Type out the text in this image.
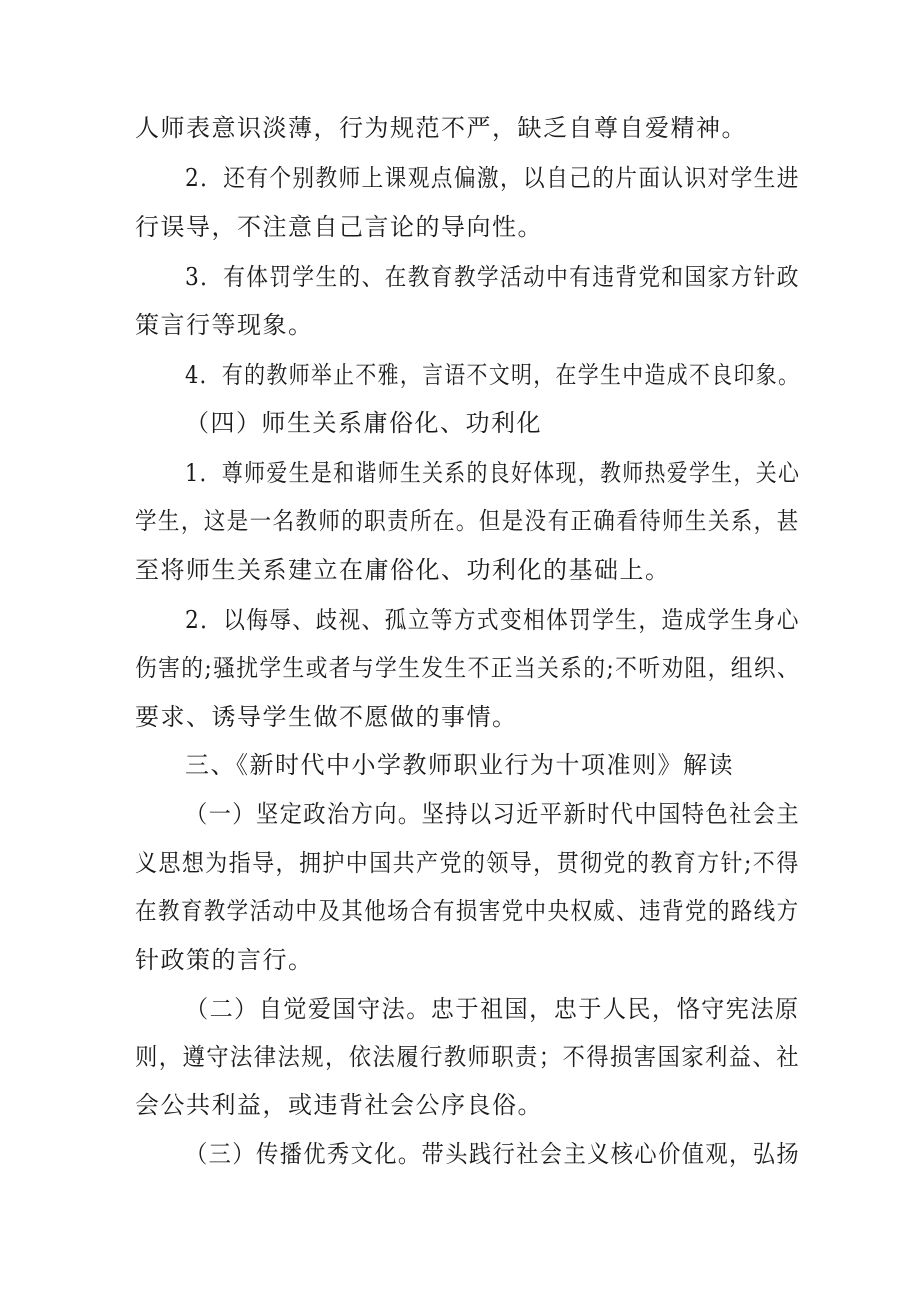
人师表意识淡薄，行为规范不严，缺乏自尊自爱精神。

2．还有个别教师上课观点偏激，以自己的片面认识对学生进

行误导，不注意自己言论的导向性。

3．有体罚学生的、在教育教学活动中有违背党和国家方针政

策言行等现象。

4．有的教师举止不雅，言语不文明，在学生中造成不良印象。

（四）师生关系庸俗化、功利化

1．尊师爱生是和谐师生关系的良好体现，教师热爱学生，关心

学生，这是一名教师的职责所在。但是没有正确看待师生关系，甚

至将师生关系建立在庸俗化、功利化的基础上。

2．以侮辱、歧视、孤立等方式变相体罚学生，造成学生身心

伤害的;骚扰学生或者与学生发生不正当关系的;不听劝阻，组织、

要求、诱导学生做不愿做的事情。

三、《新时代中小学教师职业行为十项准则》解读

（一）坚定政治方向。坚持以习近平新时代中国特色社会主

义思想为指导，拥护中国共产党的领导，贯彻党的教育方针;不得

在教育教学活动中及其他场合有损害党中央权威、违背党的路线方

针政策的言行。

（二）自觉爱国守法。忠于祖国，忠于人民，恪守宪法原

则，遵守法律法规，依法履行教师职责；不得损害国家利益、社

会公共利益，或违背社会公序良俗。

（三）传播优秀文化。带头践行社会主义核心价值观，弘扬
